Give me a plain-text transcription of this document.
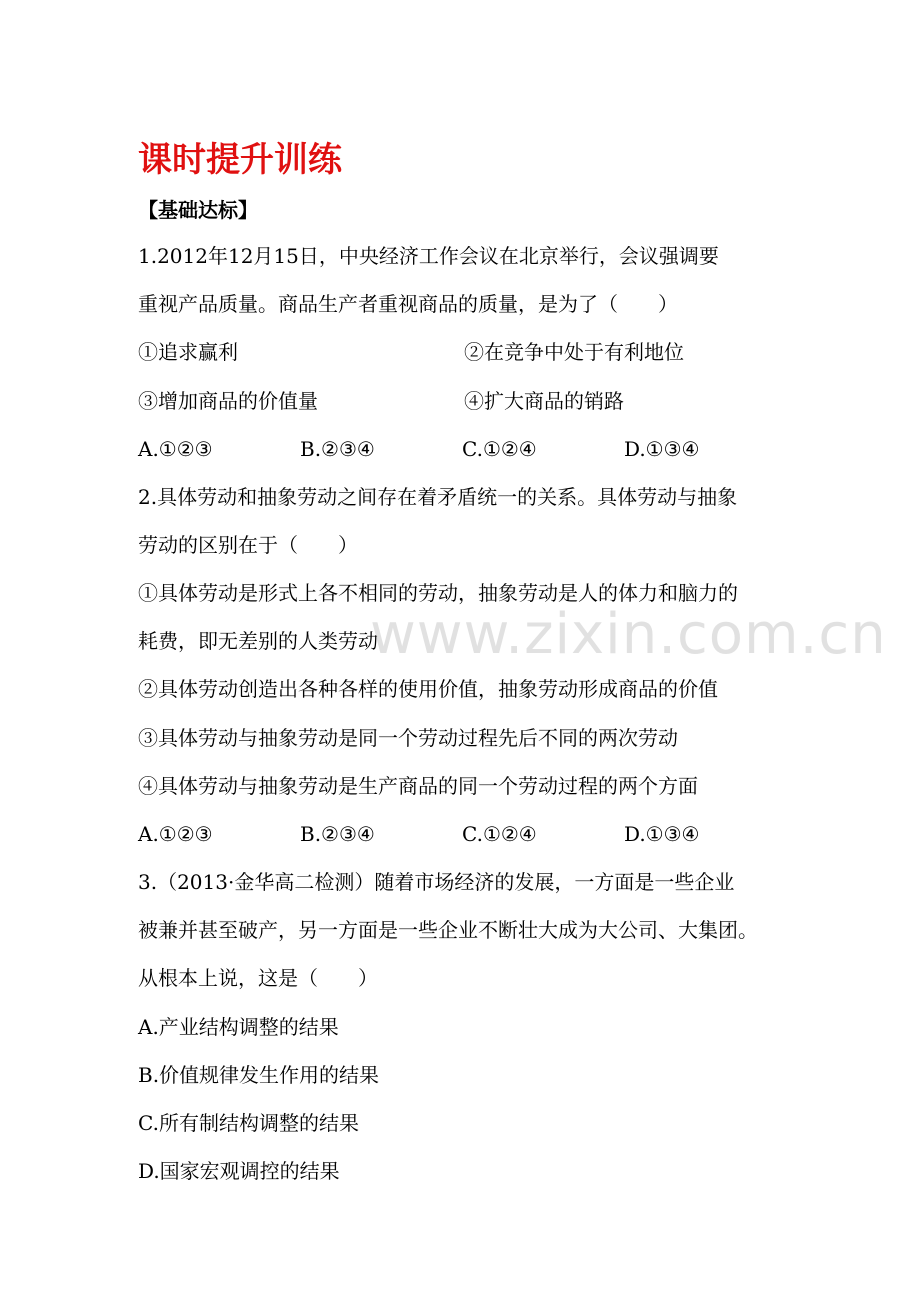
课时提升训练
【基础达标】
1.2012年12月15日，中央经济工作会议在北京举行，会议强调要
重视产品质量。商品生产者重视商品的质量，是为了（　　）
①追求赢利	②在竞争中处于有利地位
③增加商品的价值量	④扩大商品的销路
A.①②③	B.②③④	C.①②④	D.①③④
2.具体劳动和抽象劳动之间存在着矛盾统一的关系。具体劳动与抽象
劳动的区别在于（　　）
①具体劳动是形式上各不相同的劳动，抽象劳动是人的体力和脑力的
耗费，即无差别的人类劳动
②具体劳动创造出各种各样的使用价值，抽象劳动形成商品的价值
③具体劳动与抽象劳动是同一个劳动过程先后不同的两次劳动
④具体劳动与抽象劳动是生产商品的同一个劳动过程的两个方面
A.①②③	B.②③④	C.①②④	D.①③④
3.（2013·金华高二检测）随着市场经济的发展，一方面是一些企业
被兼并甚至破产，另一方面是一些企业不断壮大成为大公司、大集团。
从根本上说，这是（　　）
A.产业结构调整的结果
B.价值规律发生作用的结果
C.所有制结构调整的结果
D.国家宏观调控的结果
www.zixin.com.cn
